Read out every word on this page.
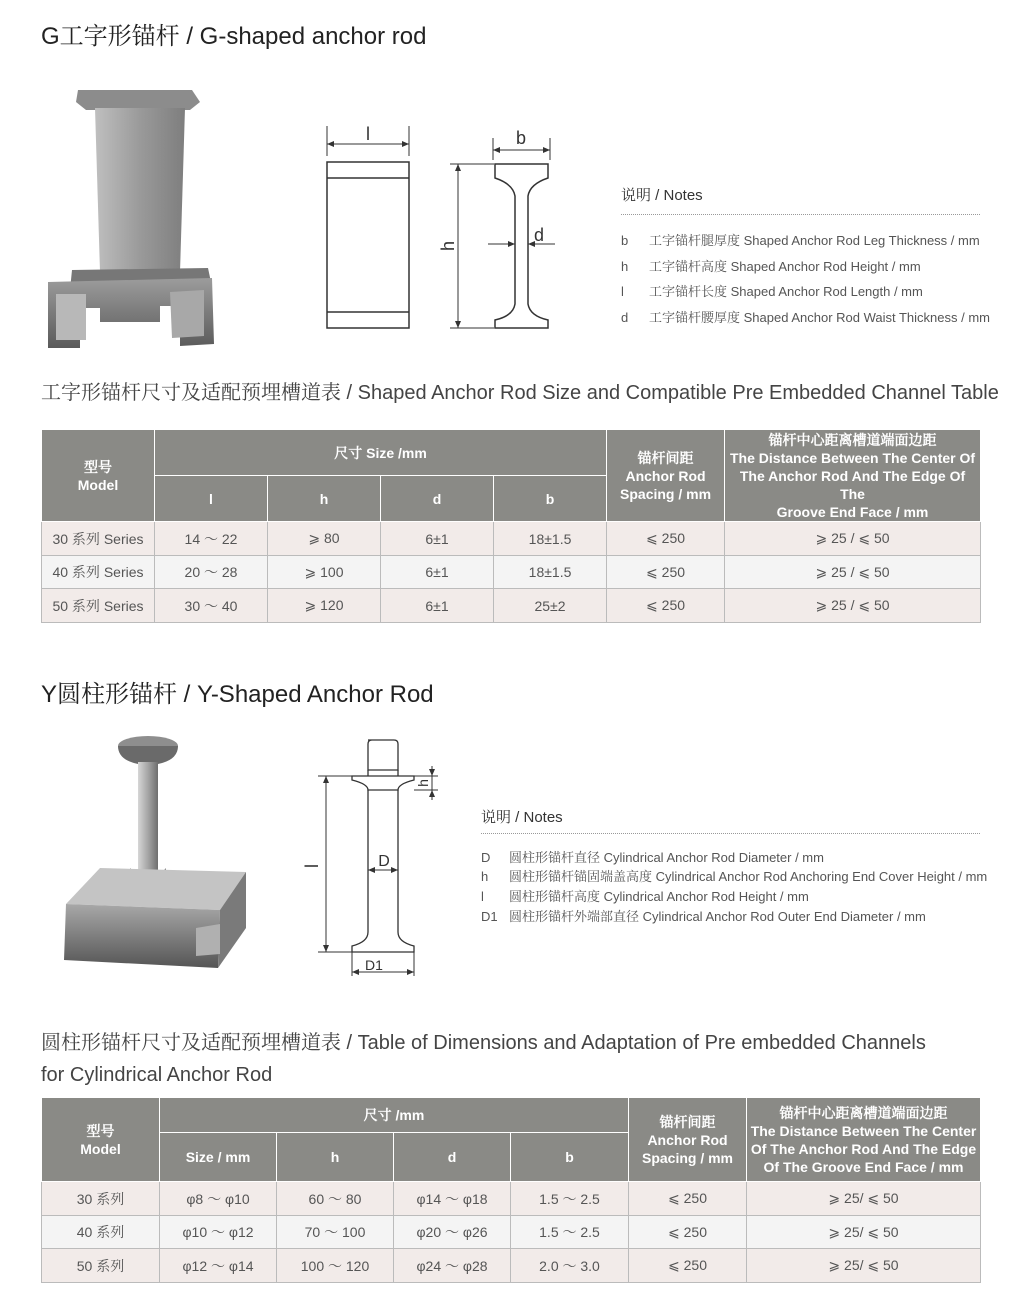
G工字形锚杆 / G-shaped anchor rod
l	b
h
d
说明 / Notes
b 工字锚杆腿厚度 Shaped Anchor Rod Leg Thickness / mm
h 工字锚杆高度 Shaped Anchor Rod Height / mm
l 工字锚杆长度 Shaped Anchor Rod Length / mm
d 工字锚杆腰厚度 Shaped Anchor Rod Waist Thickness / mm
工字形锚杆尺寸及适配预埋槽道表 / Shaped Anchor Rod Size and Compatible Pre Embedded Channel Table
型号
Model	尺寸 Size /mm				锚杆间距
Anchor Rod
Spacing / mm	锚杆中心距离槽道端面边距
The Distance Between The Center Of
The Anchor Rod And The Edge Of The
Groove End Face / mm
	l	h	d	b		
30 系列 Series	14 ～ 22	⩾ 80	6±1	18±1.5	⩽ 250	⩾ 25 / ⩽ 50
40 系列 Series	20 ～ 28	⩾ 100	6±1	18±1.5	⩽ 250	⩾ 25 / ⩽ 50
50 系列 Series	30 ～ 40	⩾ 120	6±1	25±2	⩽ 250	⩾ 25 / ⩽ 50
Y圆柱形锚杆 / Y-Shaped Anchor Rod
h
l	D
D1
说明 / Notes
D 圆柱形锚杆直径 Cylindrical Anchor Rod Diameter / mm
h 圆柱形锚杆锚固端盖高度 Cylindrical Anchor Rod Anchoring End Cover Height / mm
l 圆柱形锚杆高度 Cylindrical Anchor Rod Height / mm
D1 圆柱形锚杆外端部直径 Cylindrical Anchor Rod Outer End Diameter / mm
圆柱形锚杆尺寸及适配预埋槽道表 / Table of Dimensions and Adaptation of Pre embedded Channels
for Cylindrical Anchor Rod
型号
Model	尺寸 /mm				锚杆间距
Anchor Rod
Spacing / mm	锚杆中心距离槽道端面边距
The Distance Between The Center
Of The Anchor Rod And The Edge
Of The Groove End Face / mm
	Size / mm	h	d	b		
30 系列	φ8 ～ φ10	60 ～ 80	φ14 ～ φ18	1.5 ～ 2.5	⩽ 250	⩾ 25/ ⩽ 50
40 系列	φ10 ～ φ12	70 ～ 100	φ20 ～ φ26	1.5 ～ 2.5	⩽ 250	⩾ 25/ ⩽ 50
50 系列	φ12 ～ φ14	100 ～ 120	φ24 ～ φ28	2.0 ～ 3.0	⩽ 250	⩾ 25/ ⩽ 50
